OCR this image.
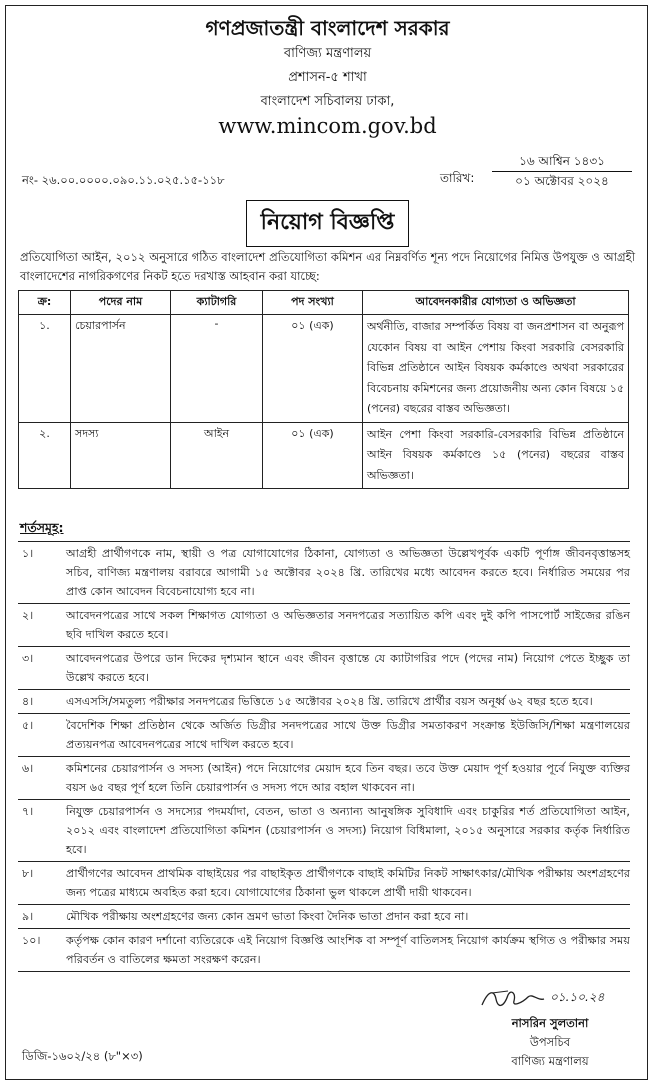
গণপ্রজাতন্ত্রী বাংলাদেশ সরকার
বাণিজ্য মন্ত্রণালয়
প্রশাসন-৫ শাখা
বাংলাদেশ সচিবালয় ঢাকা,
www.mincom.gov.bd
নং- ২৬.০০.০০০০.০৯০.১১.০২৫.১৫-১১৮	তারিখ:
১৬ আশ্বিন ১৪৩১
০১ অক্টোবর ২০২৪
নিয়োগ বিজ্ঞপ্তি
প্রতিযোগিতা আইন, ২০১২ অনুসারে গঠিত বাংলাদেশ প্রতিযোগিতা কমিশন এর নিম্নবর্ণিত শূন্য পদে নিয়োগের নিমিত্ত উপযুক্ত ও আগ্রহী বাংলাদেশের নাগরিকগণের নিকট হতে দরখাস্ত আহবান করা যাচ্ছে:
ক্র:	পদের নাম	ক্যাটাগরি	পদ সংখ্যা	আবেদনকারীর যোগ্যতা ও অভিজ্ঞতা
১.	চেয়ারপার্সন	-	০১ (এক)	অর্থনীতি, বাজার সম্পর্কিত বিষয় বা জনপ্রশাসন বা অনুরূপ যেকোন বিষয় বা আইন পেশায় কিংবা সরকারি বেসরকারি বিভিন্ন প্রতিষ্ঠানে আইন বিষয়ক কর্মকাণ্ডে অথবা সরকারের বিবেচনায় কমিশনের জন্য প্রয়োজনীয় অন্য কোন বিষয়ে ১৫ (পনের) বছরের বাস্তব অভিজ্ঞতা।
২.	সদস্য	আইন	০১ (এক)	আইন পেশা কিংবা সরকারি-বেসরকারি বিভিন্ন প্রতিষ্ঠানে আইন বিষয়ক কর্মকাণ্ডে ১৫ (পনের) বছরের বাস্তব অভিজ্ঞতা।
শর্তসমূহ:
১।	আগ্রহী প্রার্থীগণকে নাম, স্থায়ী ও পত্র যোগাযোগের ঠিকানা, যোগ্যতা ও অভিজ্ঞতা উল্লেখপূর্বক একটি পূর্ণাঙ্গ জীবনবৃত্তান্তসহ সচিব, বাণিজ্য মন্ত্রণালয় বরাবরে আগামী ১৫ অক্টোবর ২০২৪ খ্রি. তারিখের মধ্যে আবেদন করতে হবে। নির্ধারিত সময়ের পর প্রাপ্ত কোন আবেদন বিবেচনাযোগ্য হবে না।
২।	আবেদনপত্রের সাথে সকল শিক্ষাগত যোগ্যতা ও অভিজ্ঞতার সনদপত্রের সত্যায়িত কপি এবং দুই কপি পাসপোর্ট সাইজের রঙিন ছবি দাখিল করতে হবে।
৩।	আবেদনপত্রের উপরে ডান দিকের দৃশ্যমান স্থানে এবং জীবন বৃত্তান্তে যে ক্যাটাগরির পদে (পদের নাম) নিয়োগ পেতে ইচ্ছুক তা উল্লেখ করতে হবে।
৪।	এসএসসি/সমতুল্য পরীক্ষার সনদপত্রের ভিত্তিতে ১৫ অক্টোবর ২০২৪ খ্রি. তারিখে প্রার্থীর বয়স অনূর্ধ্ব ৬২ বছর হতে হবে।
৫।	বৈদেশিক শিক্ষা প্রতিষ্ঠান থেকে অর্জিত ডিগ্রীর সনদপত্রের সাথে উক্ত ডিগ্রীর সমতাকরণ সংক্রান্ত ইউজিসি/শিক্ষা মন্ত্রণালয়ের প্রত্যয়নপত্র আবেদনপত্রের সাথে দাখিল করতে হবে।
৬।	কমিশনের চেয়ারপার্সন ও সদস্য (আইন) পদে নিয়োগের মেয়াদ হবে তিন বছর। তবে উক্ত মেয়াদ পূর্ণ হওয়ার পূর্বে নিযুক্ত ব্যক্তির বয়স ৬৫ বছর পূর্ণ হলে তিনি চেয়ারপার্সন ও সদস্য পদে আর বহাল থাকবেন না।
৭।	নিযুক্ত চেয়ারপার্সন ও সদস্যের পদমর্যাদা, বেতন, ভাতা ও অন্যান্য আনুষঙ্গিক সুবিধাদি এবং চাকুরির শর্ত প্রতিযোগিতা আইন, ২০১২ এবং বাংলাদেশ প্রতিযোগিতা কমিশন (চেয়ারপার্সন ও সদস্য) নিয়োগ বিধিমালা, ২০১৫ অনুসারে সরকার কর্তৃক নির্ধারিত হবে।
৮।	প্রার্থীগণের আবেদন প্রাথমিক বাছাইয়ের পর বাছাইকৃত প্রার্থীগণকে বাছাই কমিটির নিকট সাক্ষাৎকার/মৌখিক পরীক্ষায় অংশগ্রহণের জন্য পত্রের মাধ্যমে অবহিত করা হবে। যোগাযোগের ঠিকানা ভুল থাকলে প্রার্থী দায়ী থাকবেন।
৯।	মৌখিক পরীক্ষায় অংশগ্রহণের জন্য কোন ভ্রমণ ভাতা কিংবা দৈনিক ভাতা প্রদান করা হবে না।
১০।	কর্তৃপক্ষ কোন কারণ দর্শানো ব্যতিরেকে এই নিয়োগ বিজ্ঞপ্তি আংশিক বা সম্পূর্ণ বাতিলসহ নিয়োগ কার্যক্রম স্থগিত ও পরীক্ষার সময় পরিবর্তন ও বাতিলের ক্ষমতা সংরক্ষণ করেন।
০১.১০.২৪
নাসরিন সুলতানা
উপসচিব
বাণিজ্য মন্ত্রণালয়
ডিজি-১৬০২/২৪ (৮"×৩)
